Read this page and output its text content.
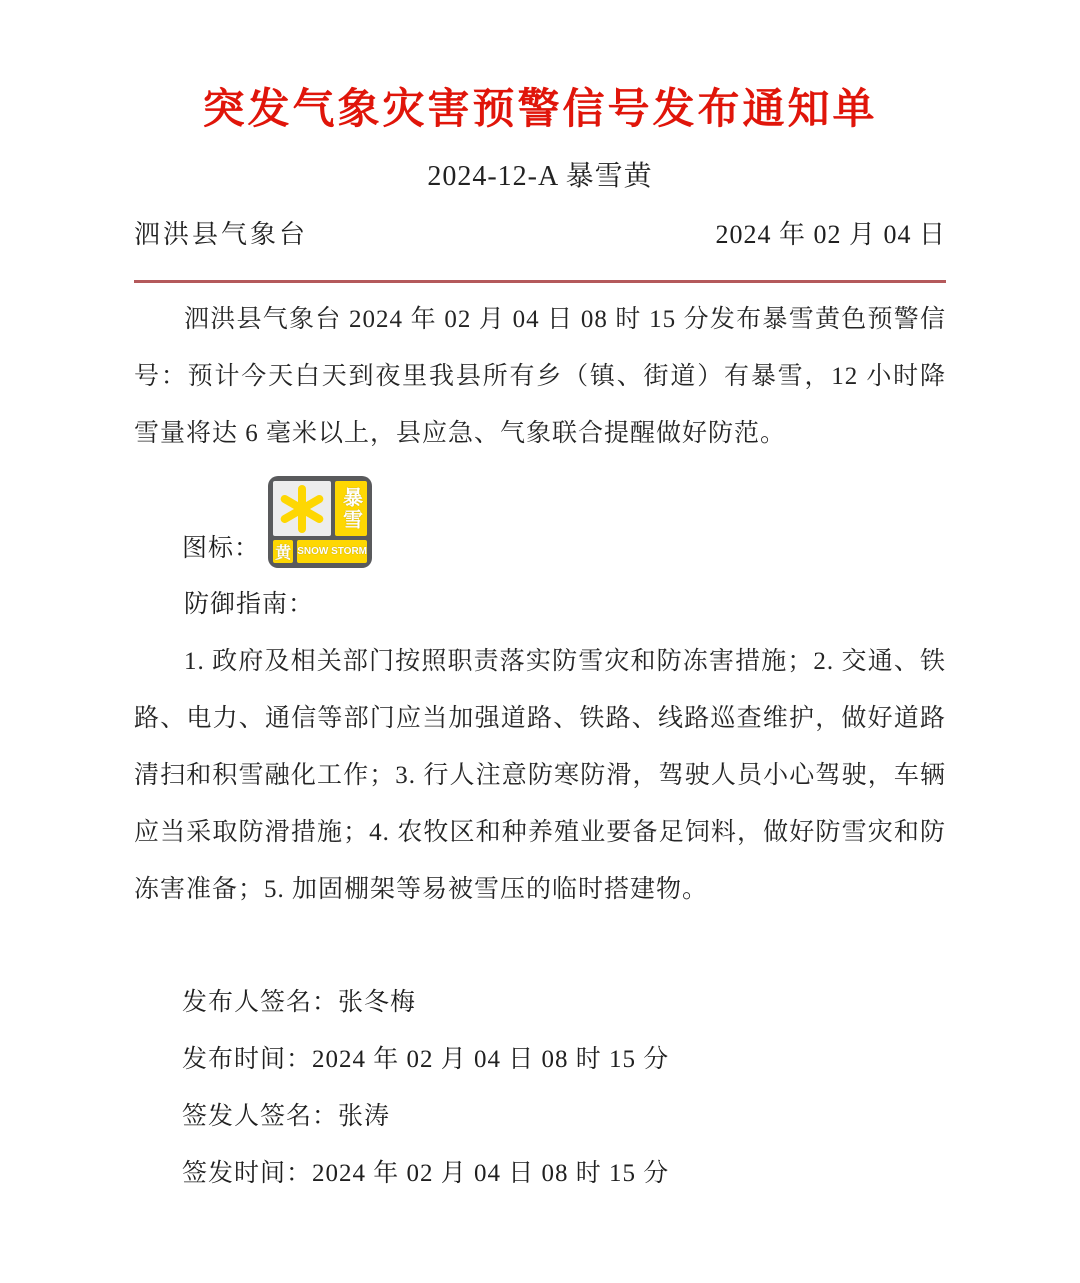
突发气象灾害预警信号发布通知单
2024-12-A 暴雪黄
泗洪县气象台	2024 年 02 月 04 日

泗洪县气象台 2024 年 02 月 04 日 08 时 15 分发布暴雪黄色预警信号：预计今天白天到夜里我县所有乡（镇、街道）有暴雪，12 小时降雪量将达 6 毫米以上，县应急、气象联合提醒做好防范。

图标：
暴雪
黄 SNOW STORM

防御指南：

1. 政府及相关部门按照职责落实防雪灾和防冻害措施；2. 交通、铁路、电力、通信等部门应当加强道路、铁路、线路巡查维护，做好道路清扫和积雪融化工作；3. 行人注意防寒防滑，驾驶人员小心驾驶，车辆应当采取防滑措施；4. 农牧区和种养殖业要备足饲料，做好防雪灾和防冻害准备；5. 加固棚架等易被雪压的临时搭建物。

发布人签名：张冬梅

发布时间：2024 年 02 月 04 日 08 时 15 分

签发人签名：张涛

签发时间：2024 年 02 月 04 日 08 时 15 分
